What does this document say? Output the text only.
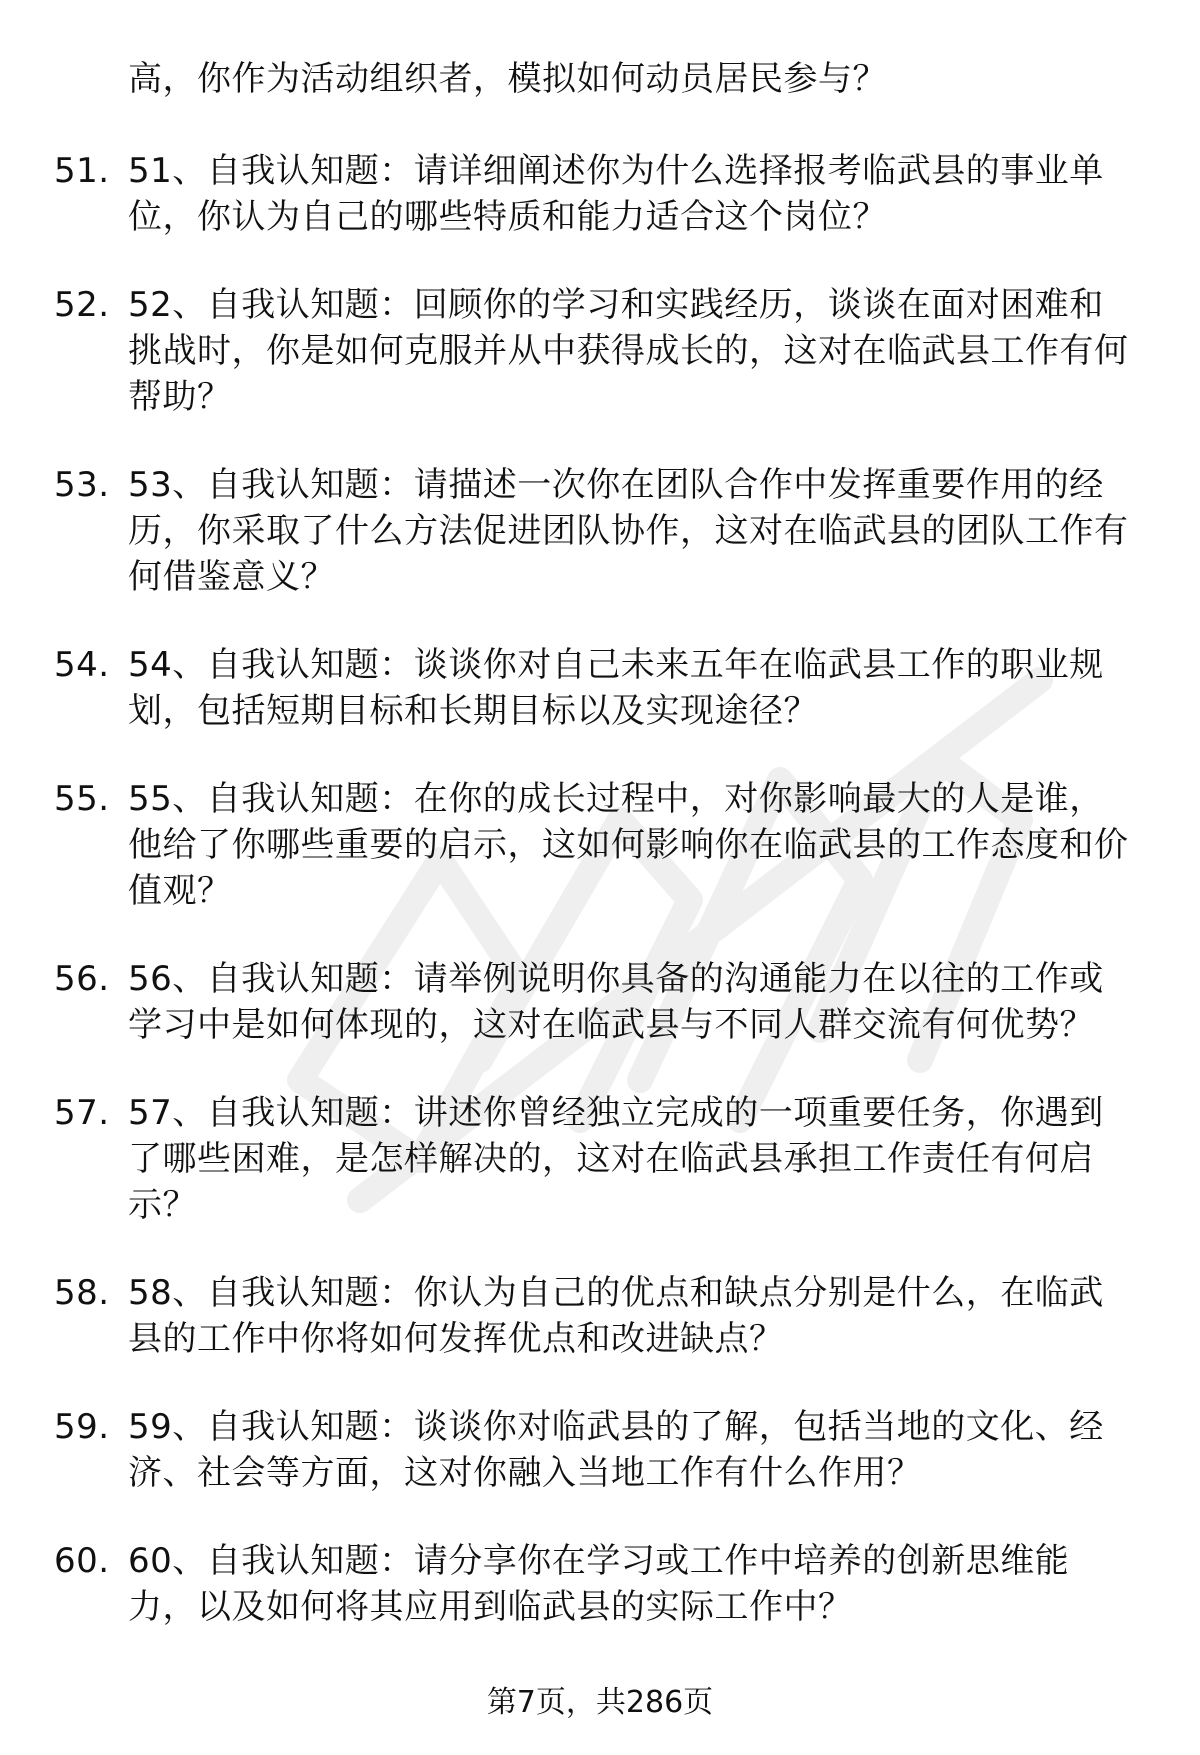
高，你作为活动组织者，模拟如何动员居民参与？
51. 51、自我认知题：请详细阐述你为什么选择报考临武县的事业单位，你认为自己的哪些特质和能力适合这个岗位？
52. 52、自我认知题：回顾你的学习和实践经历，谈谈在面对困难和挑战时，你是如何克服并从中获得成长的，这对在临武县工作有何帮助？
53. 53、自我认知题：请描述一次你在团队合作中发挥重要作用的经历，你采取了什么方法促进团队协作，这对在临武县的团队工作有何借鉴意义？
54. 54、自我认知题：谈谈你对自己未来五年在临武县工作的职业规划，包括短期目标和长期目标以及实现途径？
55. 55、自我认知题：在你的成长过程中，对你影响最大的人是谁，他给了你哪些重要的启示，这如何影响你在临武县的工作态度和价值观？
56. 56、自我认知题：请举例说明你具备的沟通能力在以往的工作或学习中是如何体现的，这对在临武县与不同人群交流有何优势？
57. 57、自我认知题：讲述你曾经独立完成的一项重要任务，你遇到了哪些困难，是怎样解决的，这对在临武县承担工作责任有何启示？
58. 58、自我认知题：你认为自己的优点和缺点分别是什么，在临武县的工作中你将如何发挥优点和改进缺点？
59. 59、自我认知题：谈谈你对临武县的了解，包括当地的文化、经济、社会等方面，这对你融入当地工作有什么作用？
60. 60、自我认知题：请分享你在学习或工作中培养的创新思维能力，以及如何将其应用到临武县的实际工作中？
第7页，共286页
